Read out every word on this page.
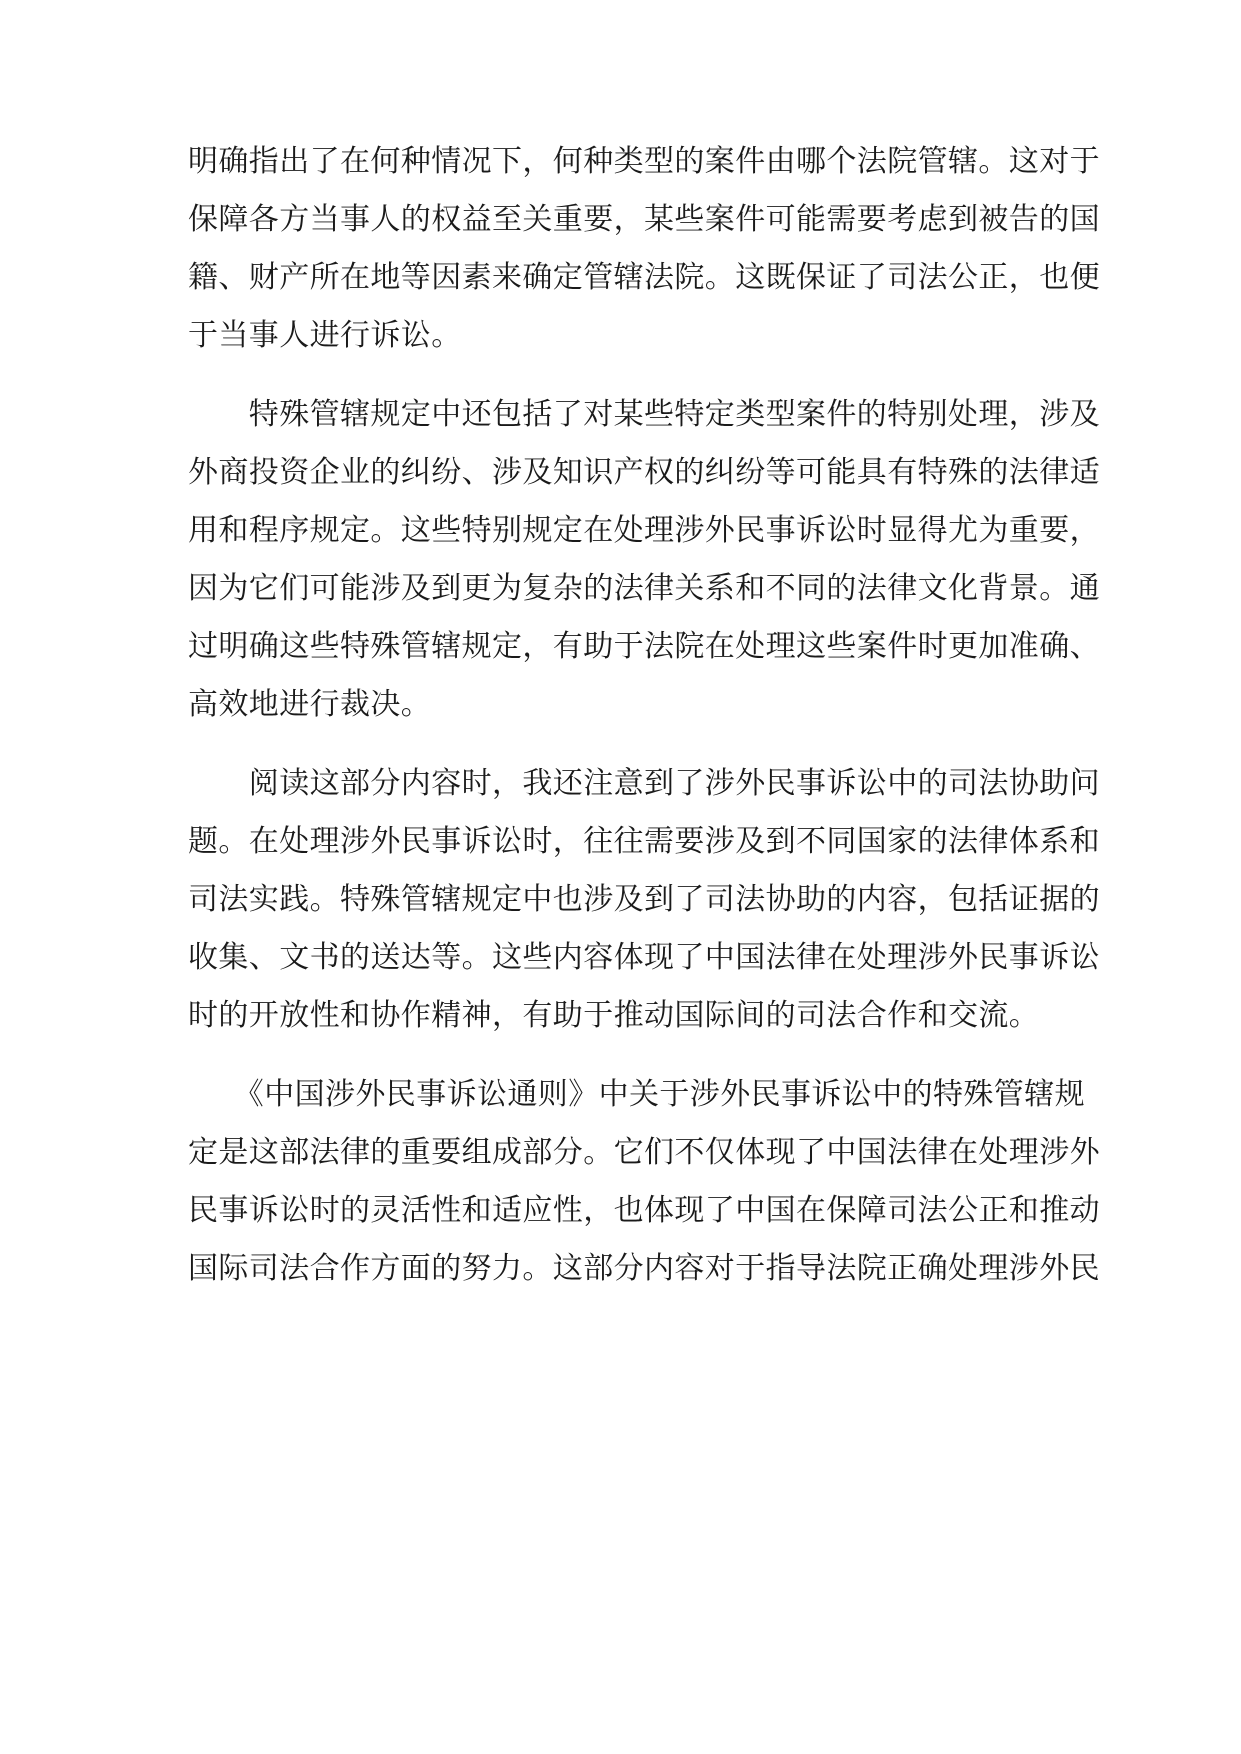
明确指出了在何种情况下，何种类型的案件由哪个法院管辖。这对于
保障各方当事人的权益至关重要，某些案件可能需要考虑到被告的国
籍、财产所在地等因素来确定管辖法院。这既保证了司法公正，也便
于当事人进行诉讼。
　　特殊管辖规定中还包括了对某些特定类型案件的特别处理，涉及
外商投资企业的纠纷、涉及知识产权的纠纷等可能具有特殊的法律适
用和程序规定。这些特别规定在处理涉外民事诉讼时显得尤为重要，
因为它们可能涉及到更为复杂的法律关系和不同的法律文化背景。通
过明确这些特殊管辖规定，有助于法院在处理这些案件时更加准确、
高效地进行裁决。
　　阅读这部分内容时，我还注意到了涉外民事诉讼中的司法协助问
题。在处理涉外民事诉讼时，往往需要涉及到不同国家的法律体系和
司法实践。特殊管辖规定中也涉及到了司法协助的内容，包括证据的
收集、文书的送达等。这些内容体现了中国法律在处理涉外民事诉讼
时的开放性和协作精神，有助于推动国际间的司法合作和交流。
　　《中国涉外民事诉讼通则》中关于涉外民事诉讼中的特殊管辖规
定是这部法律的重要组成部分。它们不仅体现了中国法律在处理涉外
民事诉讼时的灵活性和适应性，也体现了中国在保障司法公正和推动
国际司法合作方面的努力。这部分内容对于指导法院正确处理涉外民
